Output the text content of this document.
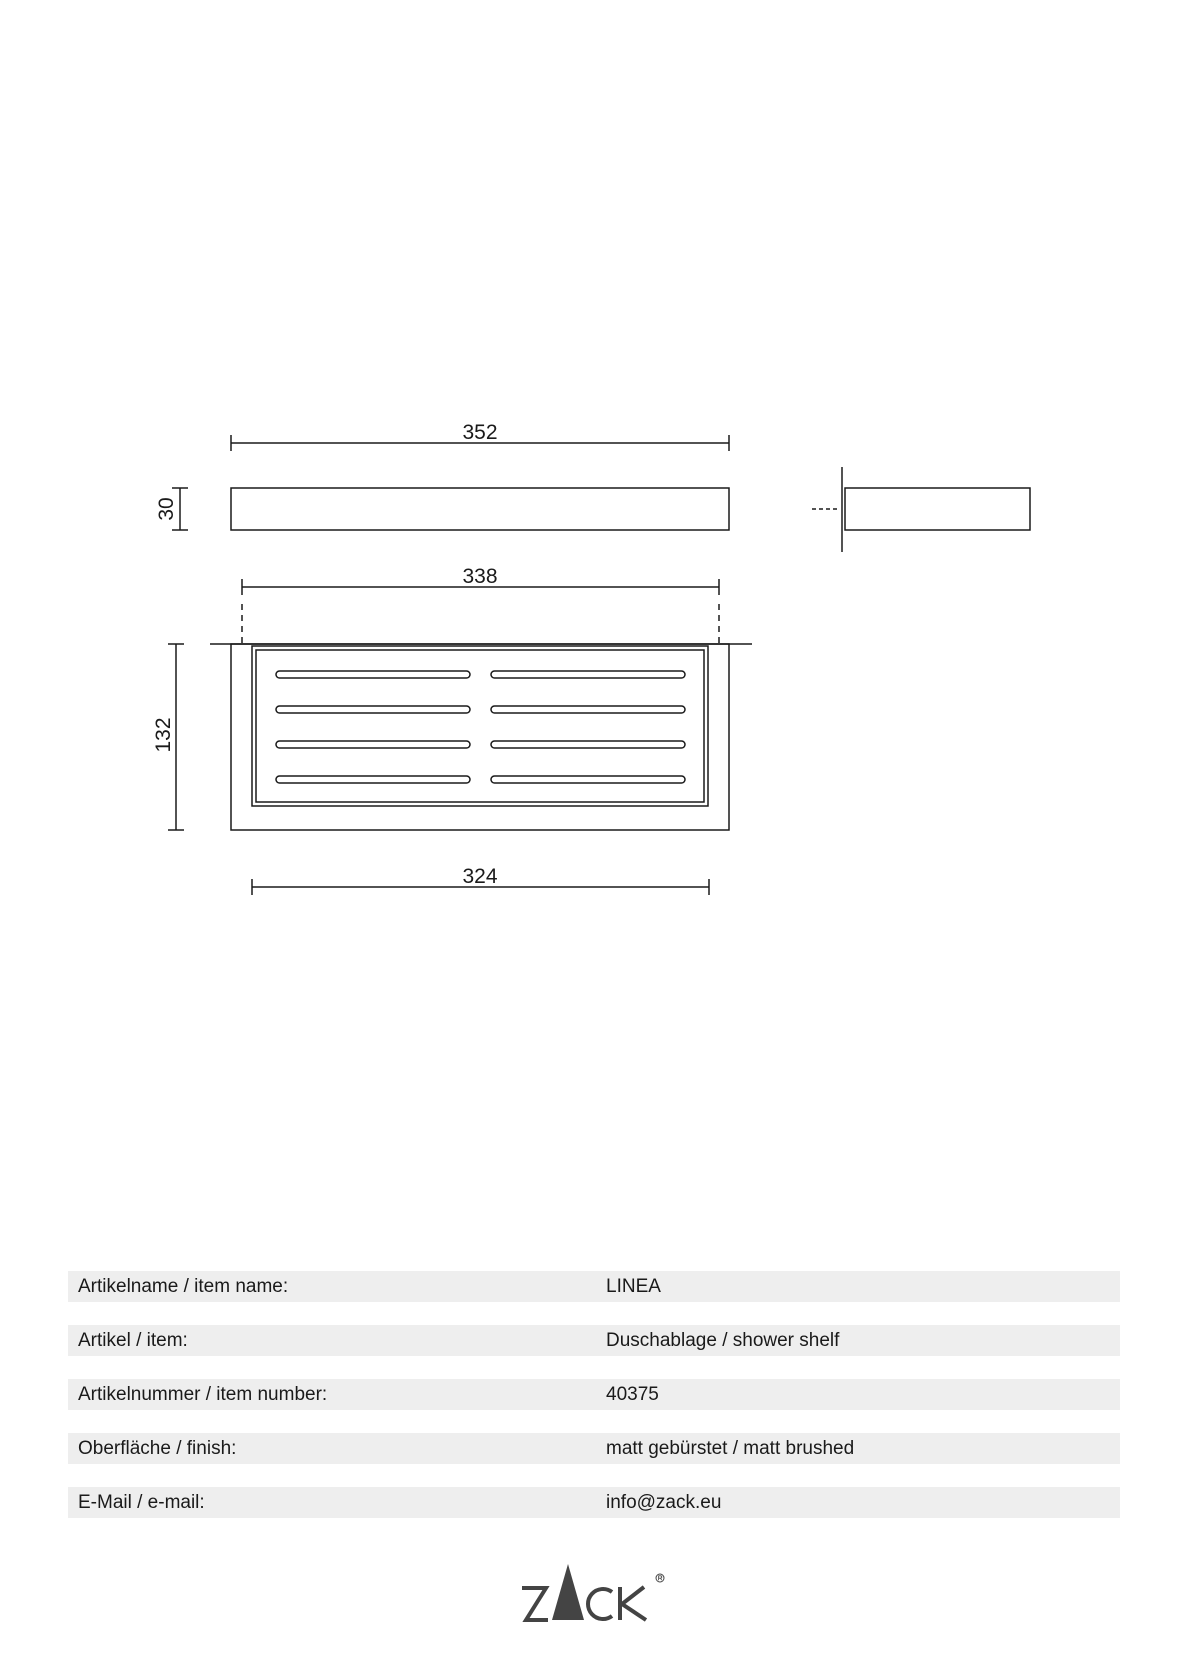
352
30
338
132
324
Artikelname / item name:	LINEA
Artikel / item:	Duschablage / shower shelf
Artikelnummer / item number:	40375
Oberfläche / finish:	matt gebürstet / matt brushed
E-Mail / e-mail:	info@zack.eu
